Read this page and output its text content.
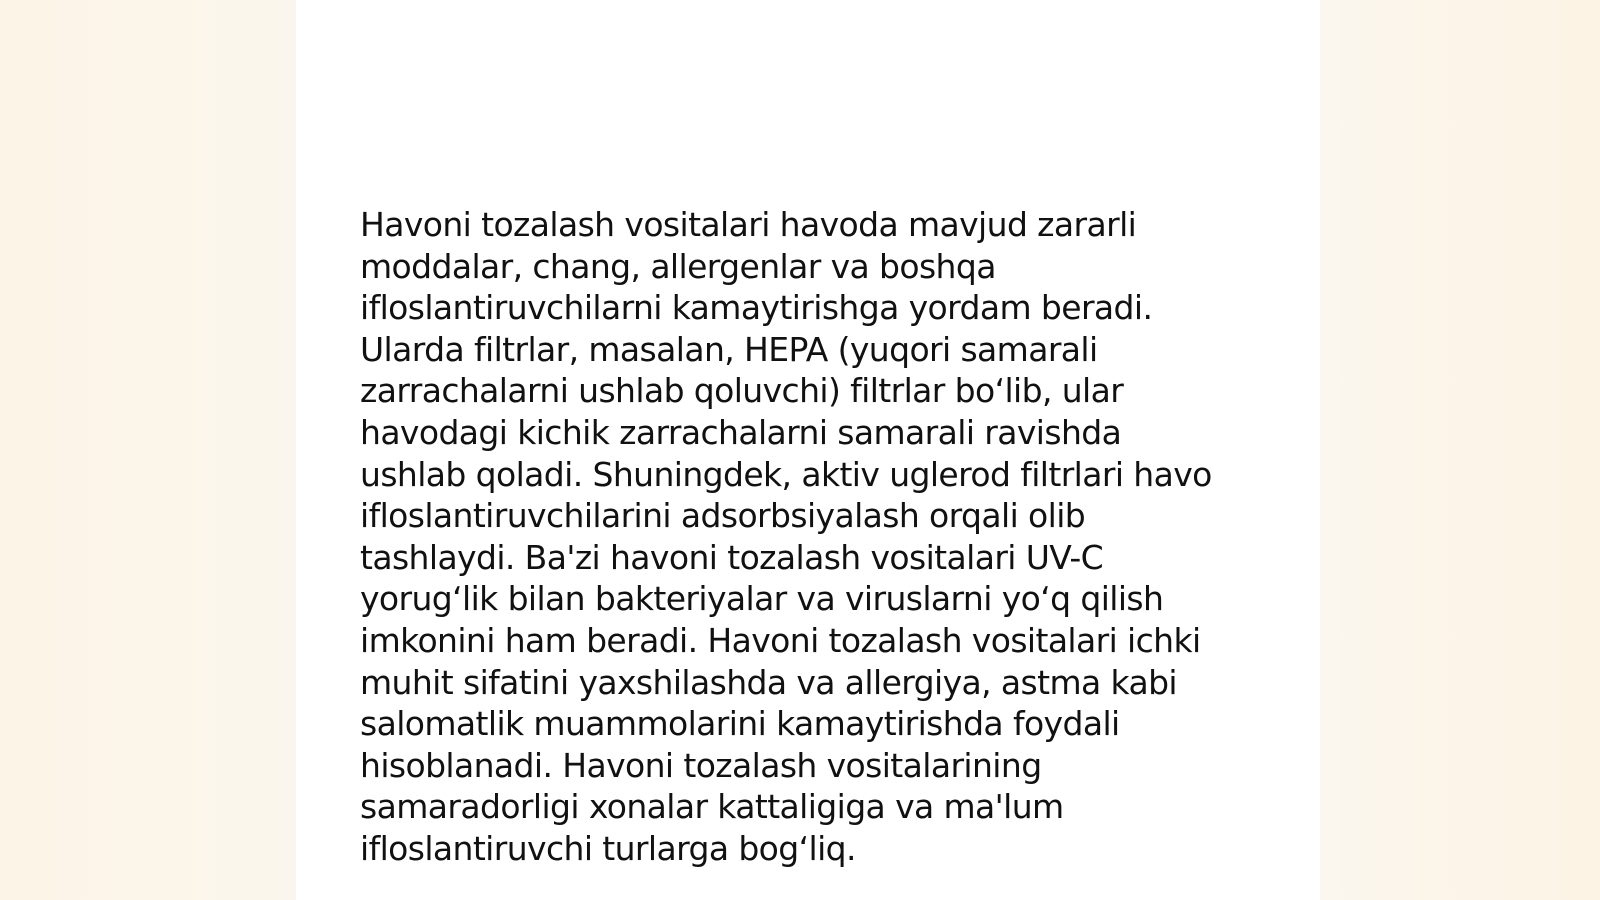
Havoni tozalash vositalari havoda mavjud zararli
moddalar, chang, allergenlar va boshqa
ifloslantiruvchilarni kamaytirishga yordam beradi.
Ularda filtrlar, masalan, HEPA (yuqori samarali
zarrachalarni ushlab qoluvchi) filtrlar bo‘lib, ular
havodagi kichik zarrachalarni samarali ravishda
ushlab qoladi. Shuningdek, aktiv uglerod filtrlari havo
ifloslantiruvchilarini adsorbsiyalash orqali olib
tashlaydi. Ba'zi havoni tozalash vositalari UV-C
yorug‘lik bilan bakteriyalar va viruslarni yo‘q qilish
imkonini ham beradi. Havoni tozalash vositalari ichki
muhit sifatini yaxshilashda va allergiya, astma kabi
salomatlik muammolarini kamaytirishda foydali
hisoblanadi. Havoni tozalash vositalarining
samaradorligi xonalar kattaligiga va ma'lum
ifloslantiruvchi turlarga bog‘liq.
